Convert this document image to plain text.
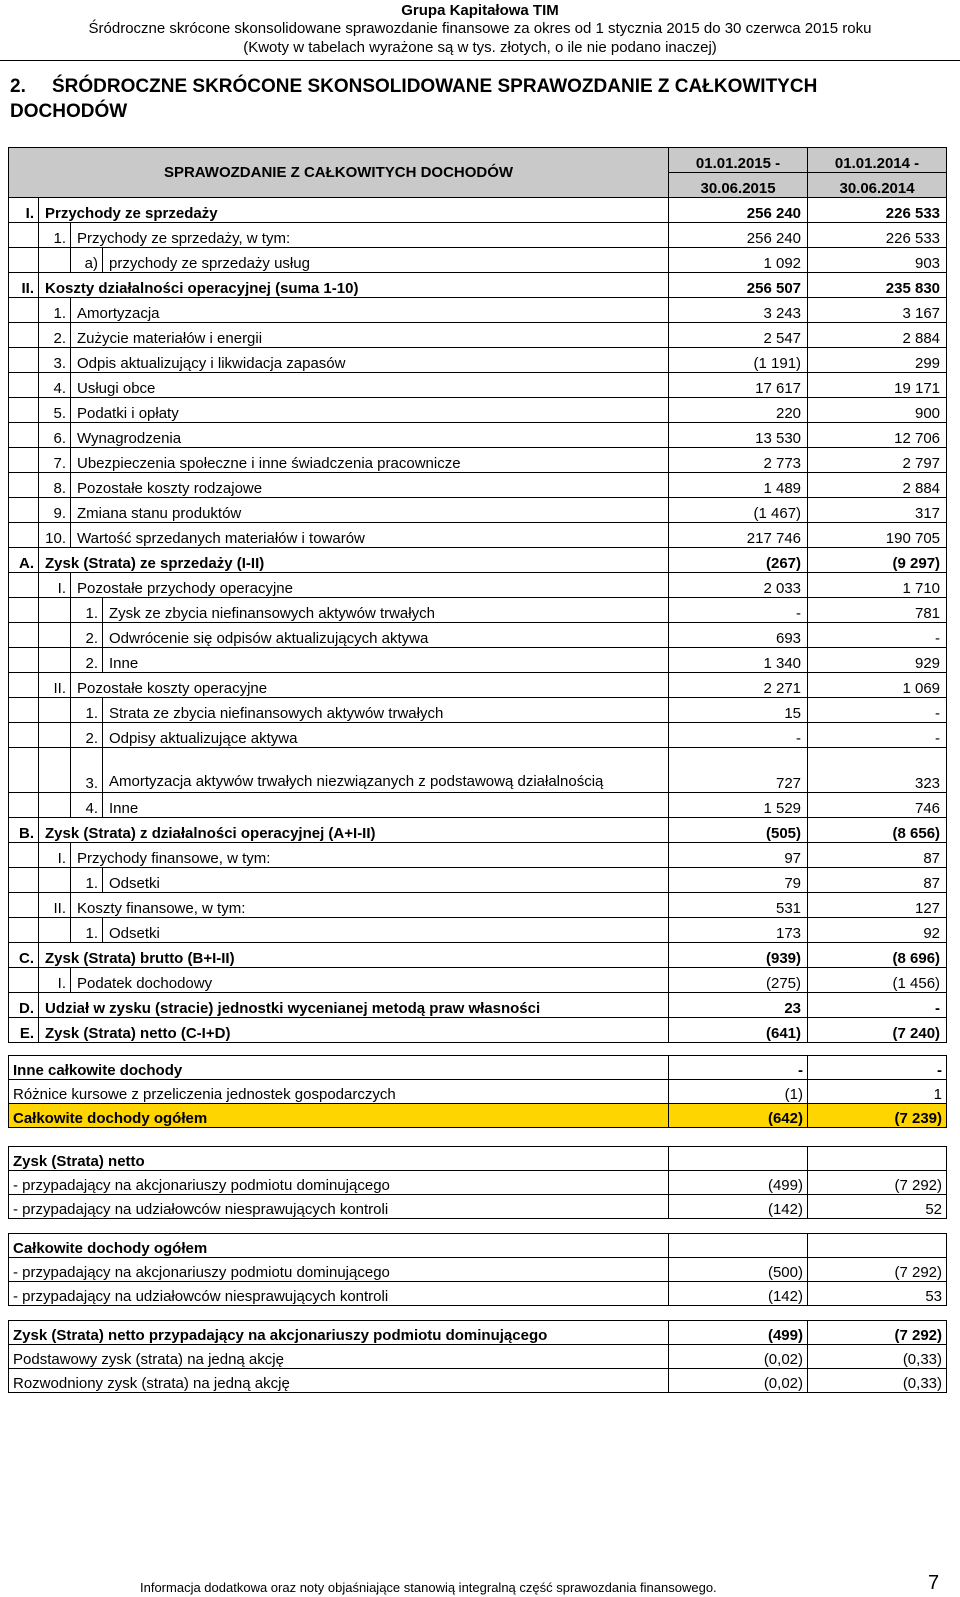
Grupa Kapitałowa TIM
Śródroczne skrócone skonsolidowane sprawozdanie finansowe za okres od 1 stycznia 2015 do 30 czerwca 2015 roku
(Kwoty w tabelach wyrażone są w tys. złotych, o ile nie podano inaczej)
2. ŚRÓDROCZNE SKRÓCONE SKONSOLIDOWANE SPRAWOZDANIE Z CAŁKOWITYCH DOCHODÓW
SPRAWOZDANIE Z CAŁKOWITYCH DOCHODÓW				01.01.2015 -	01.01.2014 -
				30.06.2015	30.06.2014
I.	Przychody ze sprzedaży			256 240	226 533
	1.	Przychody ze sprzedaży, w tym:		256 240	226 533
		a)	przychody ze sprzedaży usług	1 092	903
II.	Koszty działalności operacyjnej (suma 1-10)			256 507	235 830
	1.	Amortyzacja		3 243	3 167
	2.	Zużycie materiałów i energii		2 547	2 884
	3.	Odpis aktualizujący i likwidacja zapasów		(1 191)	299
	4.	Usługi obce		17 617	19 171
	5.	Podatki i opłaty		220	900
	6.	Wynagrodzenia		13 530	12 706
	7.	Ubezpieczenia społeczne i inne świadczenia pracownicze		2 773	2 797
	8.	Pozostałe koszty rodzajowe		1 489	2 884
	9.	Zmiana stanu produktów		(1 467)	317
	10.	Wartość sprzedanych materiałów i towarów		217 746	190 705
A.	Zysk (Strata) ze sprzedaży (I-II)			(267)	(9 297)
	I.	Pozostałe przychody operacyjne		2 033	1 710
		1.	Zysk ze zbycia niefinansowych aktywów trwałych	-	781
		2.	Odwrócenie się odpisów aktualizujących aktywa	693	-
		2.	Inne	1 340	929
	II.	Pozostałe koszty operacyjne		2 271	1 069
		1.	Strata ze zbycia niefinansowych aktywów trwałych	15	-
		2.	Odpisy aktualizujące aktywa	-	-
		3.	Amortyzacja aktywów trwałych niezwiązanych z podstawową działalnością	727	323
		4.	Inne	1 529	746
B.	Zysk (Strata) z działalności operacyjnej (A+I-II)			(505)	(8 656)
	I.	Przychody finansowe, w tym:		97	87
		1.	Odsetki	79	87
	II.	Koszty finansowe, w tym:		531	127
		1.	Odsetki	173	92
C.	Zysk (Strata) brutto (B+I-II)			(939)	(8 696)
	I.	Podatek dochodowy		(275)	(1 456)
D.	Udział w zysku (stracie) jednostki wycenianej metodą praw własności			23	-
E.	Zysk (Strata) netto (C-I+D)			(641)	(7 240)
Inne całkowite dochody	-	-
Różnice kursowe z przeliczenia jednostek gospodarczych	(1)	1
Całkowite dochody ogółem	(642)	(7 239)
Zysk (Strata) netto		
- przypadający na akcjonariuszy podmiotu dominującego	(499)	(7 292)
- przypadający na udziałowców niesprawujących kontroli	(142)	52
Całkowite dochody ogółem		
- przypadający na akcjonariuszy podmiotu dominującego	(500)	(7 292)
- przypadający na udziałowców niesprawujących kontroli	(142)	53
Zysk (Strata) netto przypadający na akcjonariuszy podmiotu dominującego	(499)	(7 292)
Podstawowy zysk (strata) na jedną akcję	(0,02)	(0,33)
Rozwodniony zysk (strata) na jedną akcję	(0,02)	(0,33)
Informacja dodatkowa oraz noty objaśniające stanowią integralną część sprawozdania finansowego.	7
